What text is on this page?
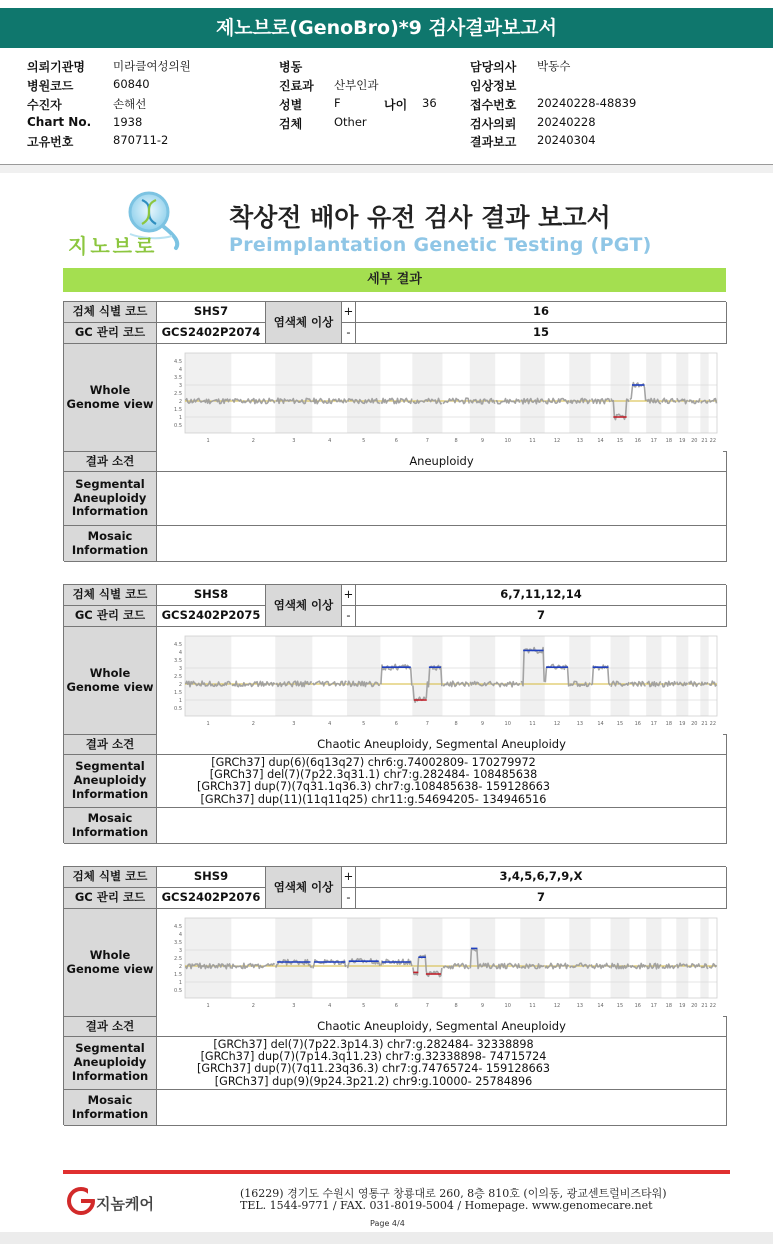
제노브로(GenoBro)*9 검사결과보고서
의뢰기관명 미라클여성의원	병동	담당의사 박동수
병원코드	60840	진료과 산부인과	임상정보
수진자	손해선	성별	F	나이 36	접수번호 20240228-48839
Chart No. 1938	검체	Other	검사의뢰 20240228
고유번호	870711-2	결과보고 20240304
지노브로
착상전 배아 유전 검사 결과 보고서
Preimplantation Genetic Testing (PGT)
세부 결과
검체 식별 코드	SHS7	+	16
GC 관리 코드	GCS2402P2074	-	15
염색체 이상
Whole Genome view
4.5
4
3.5
3
2.5
2
1.5
1
0.5
1	2	3	4	5	6	7	8	9	10	11	12	13	14	15 16 17 18 19 20 21 22
결과 소견	Aneuploidy
Segmental Aneuploidy Information
Mosaic Information
검체 식별 코드	SHS8	+	6,7,11,12,14
GC 관리 코드	GCS2402P2075	-	7
염색체 이상
Whole Genome view
4.5
4
3.5
3
2.5
2
1.5
1
0.5
1	2	3	4	5	6	7	8	9	10	11	12	13	14	15 16 17 18 19 20 21 22
결과 소견	Chaotic Aneuploidy, Segmental Aneuploidy
Segmental Aneuploidy Information
[GRCh37] dup(6)(6q13q27) chr6:g.74002809- 170279972
[GRCh37] del(7)(7p22.3q31.1) chr7:g.282484- 108485638
[GRCh37] dup(7)(7q31.1q36.3) chr7:g.108485638- 159128663
[GRCh37] dup(11)(11q11q25) chr11:g.54694205- 134946516
Mosaic Information
검체 식별 코드	SHS9	+	3,4,5,6,7,9,X
GC 관리 코드	GCS2402P2076	-	7
염색체 이상
Whole Genome view
4.5
4
3.5
3
2.5
2
1.5
1
0.5
1	2	3	4	5	6	7	8	9	10	11	12	13	14	15 16 17 18 19 20 21 22
결과 소견	Chaotic Aneuploidy, Segmental Aneuploidy
Segmental Aneuploidy Information
[GRCh37] del(7)(7p22.3p14.3) chr7:g.282484- 32338898
[GRCh37] dup(7)(7p14.3q11.23) chr7:g.32338898- 74715724
[GRCh37] dup(7)(7q11.23q36.3) chr7:g.74765724- 159128663
[GRCh37] dup(9)(9p24.3p21.2) chr9:g.10000- 25784896
Mosaic Information
지놈케어
(16229) 경기도 수원시 영통구 창룡대로 260, 8층 810호 (이의동, 광교센트럴비즈타워)
TEL. 1544-9771 / FAX. 031-8019-5004 / Homepage. www.genomecare.net
Page 4/4
